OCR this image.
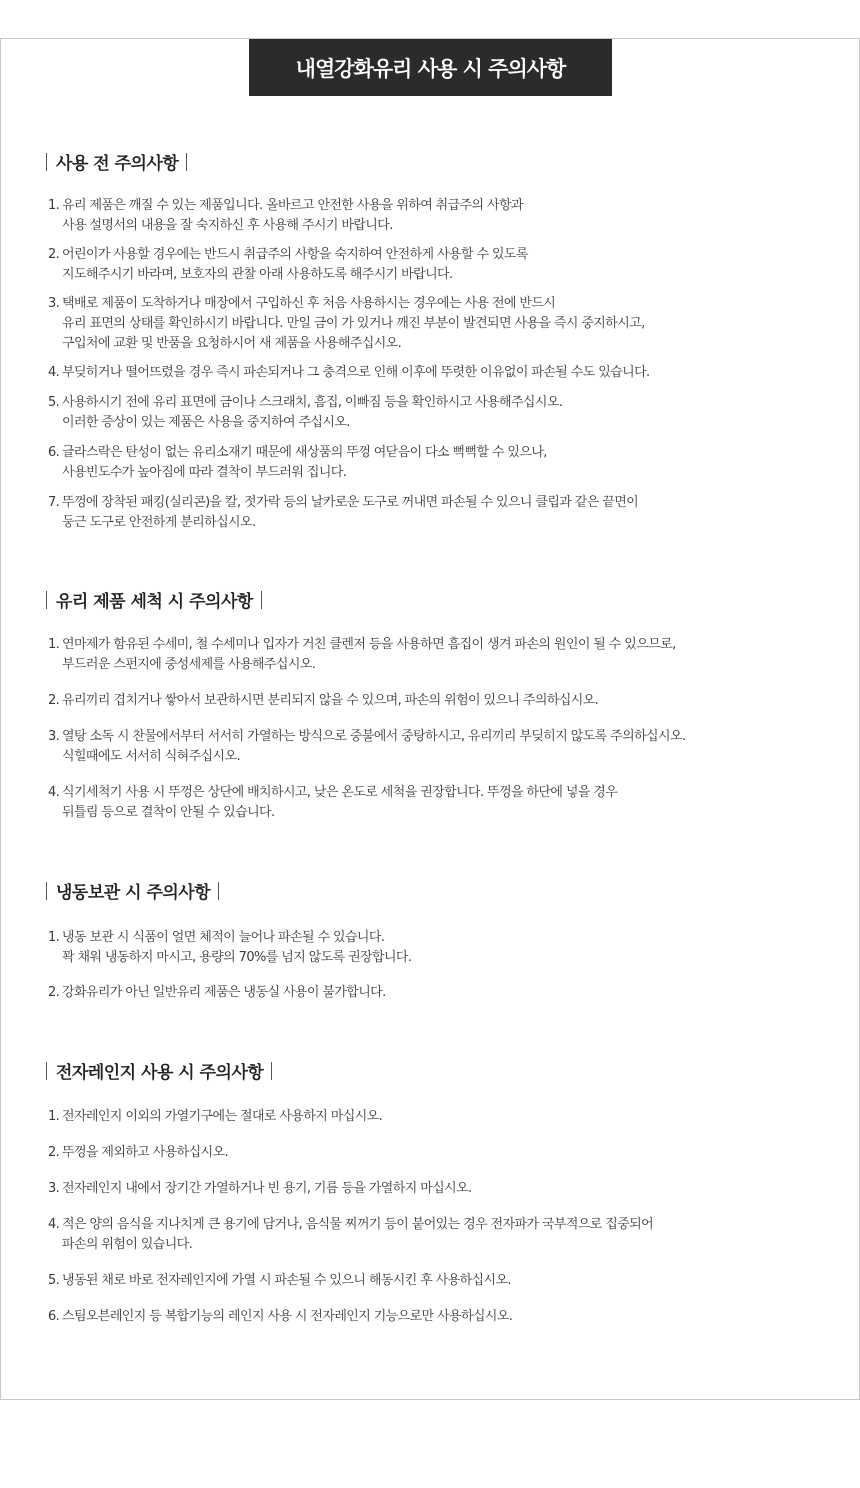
내열강화유리 사용 시 주의사항
사용 전 주의사항
1. 유리 제품은 깨질 수 있는 제품입니다. 올바르고 안전한 사용을 위하여 취급주의 사항과
사용 설명서의 내용을 잘 숙지하신 후 사용해 주시기 바랍니다.
2. 어린이가 사용할 경우에는 반드시 취급주의 사항을 숙지하여 안전하게 사용할 수 있도록
지도해주시기 바라며, 보호자의 관찰 아래 사용하도록 해주시기 바랍니다.
3. 택배로 제품이 도착하거나 매장에서 구입하신 후 처음 사용하시는 경우에는 사용 전에 반드시
유리 표면의 상태를 확인하시기 바랍니다. 만일 금이 가 있거나 깨진 부분이 발견되면 사용을 즉시 중지하시고,
구입처에 교환 및 반품을 요청하시어 새 제품을 사용해주십시오.
4. 부딪히거나 떨어뜨렸을 경우 즉시 파손되거나 그 충격으로 인해 이후에 뚜렷한 이유없이 파손될 수도 있습니다.
5. 사용하시기 전에 유리 표면에 금이나 스크래치, 흠집, 이빠짐 등을 확인하시고 사용해주십시오.
이러한 증상이 있는 제품은 사용을 중지하여 주십시오.
6. 글라스락은 탄성이 없는 유리소재기 때문에 새상품의 뚜껑 여닫음이 다소 뻑뻑할 수 있으나,
사용빈도수가 높아짐에 따라 결착이 부드러워 집니다.
7. 뚜껑에 장착된 패킹(실리콘)을 칼, 젓가락 등의 날카로운 도구로 꺼내면 파손될 수 있으니 클립과 같은 끝면이
둥근 도구로 안전하게 분리하십시오.
유리 제품 세척 시 주의사항
1. 연마제가 함유된 수세미, 철 수세미나 입자가 거친 클렌저 등을 사용하면 흠집이 생겨 파손의 원인이 될 수 있으므로,
부드러운 스펀지에 중성세제를 사용해주십시오.
2. 유리끼리 겹치거나 쌓아서 보관하시면 분리되지 않을 수 있으며, 파손의 위험이 있으니 주의하십시오.
3. 열탕 소독 시 찬물에서부터 서서히 가열하는 방식으로 중불에서 중탕하시고, 유리끼리 부딪히지 않도록 주의하십시오.
식힐때에도 서서히 식혀주십시오.
4. 식기세척기 사용 시 뚜껑은 상단에 배치하시고, 낮은 온도로 세척을 권장합니다. 뚜껑을 하단에 넣을 경우
뒤틀림 등으로 결착이 안될 수 있습니다.
냉동보관 시 주의사항
1. 냉동 보관 시 식품이 얼면 체적이 늘어나 파손될 수 있습니다.
꽉 채워 냉동하지 마시고, 용량의 70%를 넘지 않도록 권장합니다.
2. 강화유리가 아닌 일반유리 제품은 냉동실 사용이 불가합니다.
전자레인지 사용 시 주의사항
1. 전자레인지 이외의 가열기구에는 절대로 사용하지 마십시오.
2. 뚜껑을 제외하고 사용하십시오.
3. 전자레인지 내에서 장기간 가열하거나 빈 용기, 기름 등을 가열하지 마십시오.
4. 적은 양의 음식을 지나치게 큰 용기에 담거나, 음식물 찌꺼기 등이 붙어있는 경우 전자파가 국부적으로 집중되어
파손의 위험이 있습니다.
5. 냉동된 채로 바로 전자레인지에 가열 시 파손될 수 있으니 해동시킨 후 사용하십시오.
6. 스팀오븐레인지 등 복합기능의 레인지 사용 시 전자레인지 기능으로만 사용하십시오.
